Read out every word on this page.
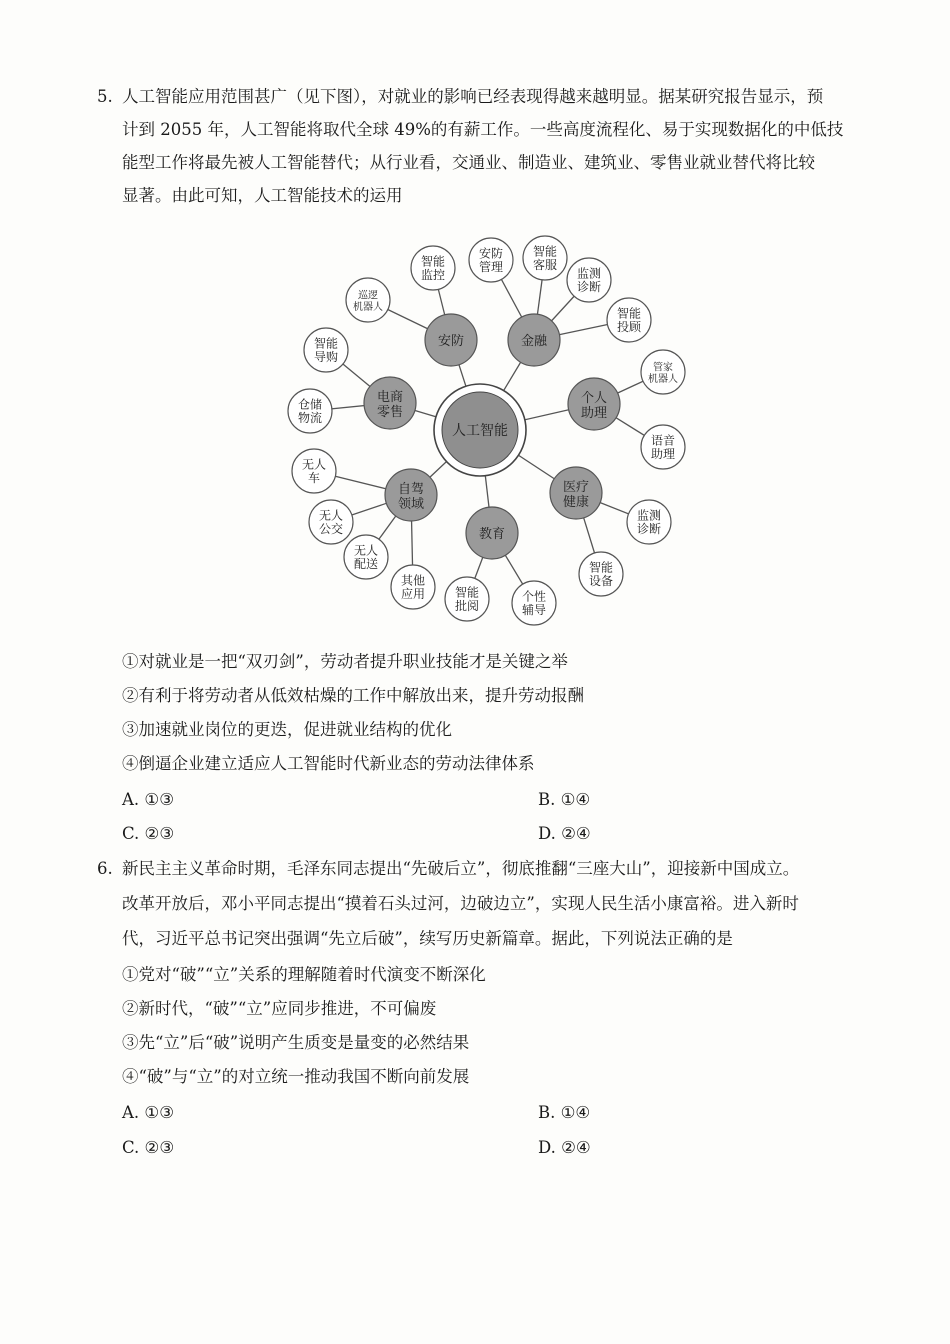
5. 人工智能应用范围甚广（见下图），对就业的影响已经表现得越来越明显。据某研究报告显示，预
计到 2055 年，人工智能将取代全球 49%的有薪工作。一些高度流程化、易于实现数据化的中低技
能型工作将最先被人工智能替代；从行业看，交通业、制造业、建筑业、零售业就业替代将比较
显著。由此可知，人工智能技术的运用
人工智能
安防	金融
个人助理
医疗健康
教育
自驾领域
电商零售
智能监控
巡逻机器人
安防管理
智能客服
监测诊断
智能投顾
管家机器人
语音助理
监测诊断
智能设备
智能批阅
个性辅导
无人车
无人公交
无人配送
其他应用
智能导购
仓储物流
①对就业是一把“双刃剑”，劳动者提升职业技能才是关键之举
②有利于将劳动者从低效枯燥的工作中解放出来，提升劳动报酬
③加速就业岗位的更迭，促进就业结构的优化
④倒逼企业建立适应人工智能时代新业态的劳动法律体系
A. ①③	B. ①④
C. ②③	D. ②④
6. 新民主主义革命时期，毛泽东同志提出“先破后立”，彻底推翻“三座大山”，迎接新中国成立。
改革开放后，邓小平同志提出“摸着石头过河，边破边立”，实现人民生活小康富裕。进入新时
代，习近平总书记突出强调“先立后破”，续写历史新篇章。据此，下列说法正确的是
①党对“破”“立”关系的理解随着时代演变不断深化
②新时代，“破”“立”应同步推进，不可偏废
③先“立”后“破”说明产生质变是量变的必然结果
④“破”与“立”的对立统一推动我国不断向前发展
A. ①③	B. ①④
C. ②③	D. ②④
